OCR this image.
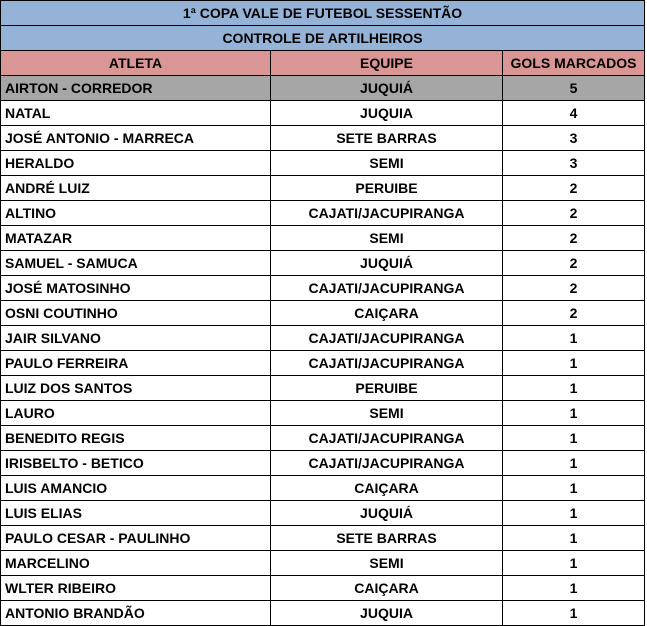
1ª COPA VALE DE FUTEBOL SESSENTÃO		
CONTROLE DE ARTILHEIROS		
ATLETA	EQUIPE	GOLS MARCADOS
AIRTON - CORREDOR	JUQUIÁ	5
NATAL	JUQUIA	4
JOSÉ ANTONIO - MARRECA	SETE BARRAS	3
HERALDO	SEMI	3
ANDRÉ LUIZ	PERUIBE	2
ALTINO	CAJATI/JACUPIRANGA	2
MATAZAR	SEMI	2
SAMUEL - SAMUCA	JUQUIÁ	2
JOSÉ MATOSINHO	CAJATI/JACUPIRANGA	2
OSNI COUTINHO	CAIÇARA	2
JAIR SILVANO	CAJATI/JACUPIRANGA	1
PAULO FERREIRA	CAJATI/JACUPIRANGA	1
LUIZ DOS SANTOS	PERUIBE	1
LAURO	SEMI	1
BENEDITO REGIS	CAJATI/JACUPIRANGA	1
IRISBELTO - BETICO	CAJATI/JACUPIRANGA	1
LUIS AMANCIO	CAIÇARA	1
LUIS ELIAS	JUQUIÁ	1
PAULO CESAR - PAULINHO	SETE BARRAS	1
MARCELINO	SEMI	1
WLTER RIBEIRO	CAIÇARA	1
ANTONIO BRANDÃO	JUQUIA	1
